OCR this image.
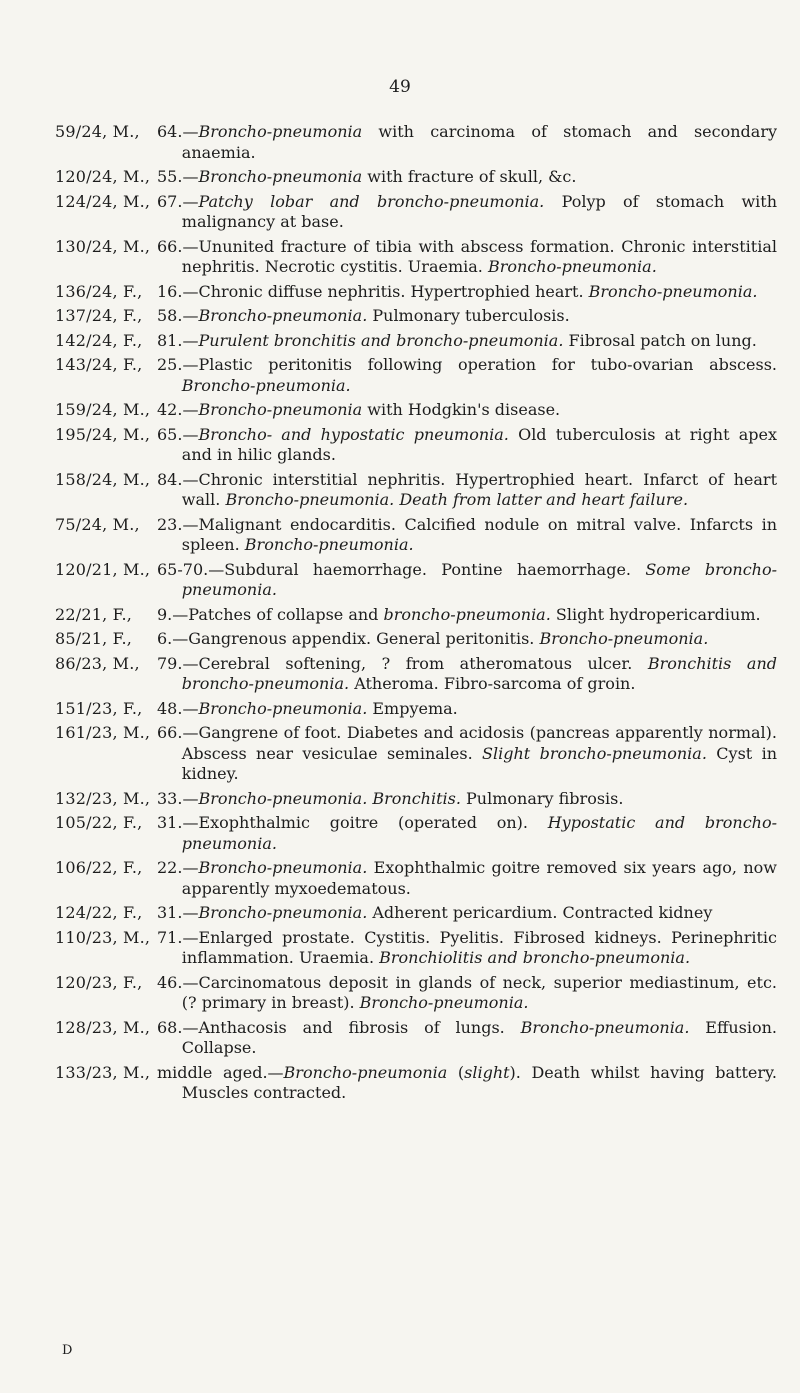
49
59/24, M.,	64.—Broncho-pneumonia with carcinoma of stomach and secondary anaemia.
120/24, M., 55.—Broncho-pneumonia with fracture of skull, &c.
124/24, M., 67.—Patchy lobar and broncho-pneumonia. Polyp of stomach with malignancy at base.
130/24, M., 66.—Ununited fracture of tibia with abscess formation. Chronic interstitial nephritis. Necrotic cystitis. Uraemia. Broncho-pneumonia.
136/24, F., 16.—Chronic diffuse nephritis. Hypertrophied heart. Broncho-pneumonia.
137/24, F., 58.—Broncho-pneumonia. Pulmonary tuberculosis.
142/24, F., 81.—Purulent bronchitis and broncho-pneumonia. Fibrosal patch on lung.
143/24, F., 25.—Plastic peritonitis following operation for tubo-ovarian abscess. Broncho-pneumonia.
159/24, M., 42.—Broncho-pneumonia with Hodgkin's disease.
195/24, M., 65.—Broncho- and hypostatic pneumonia. Old tuberculosis at right apex and in hilic glands.
158/24, M., 84.—Chronic interstitial nephritis. Hypertrophied heart. Infarct of heart wall. Broncho-pneumonia. Death from latter and heart failure.
75/24, M.,	23.—Malignant endocarditis. Calcified nodule on mitral valve. Infarcts in spleen. Broncho-pneumonia.
120/21, M., 65-70.—Subdural haemorrhage. Pontine haemorrhage. Some broncho-pneumonia.
22/21, F.,	9.—Patches of collapse and broncho-pneumonia. Slight hydropericardium.
85/21, F.,	6.—Gangrenous appendix. General peritonitis. Broncho-pneumonia.
86/23, M.,	79.—Cerebral softening, ? from atheromatous ulcer. Bronchitis and broncho-pneumonia. Atheroma. Fibro-sarcoma of groin.
151/23, F., 48.—Broncho-pneumonia. Empyema.
161/23, M., 66.—Gangrene of foot. Diabetes and acidosis (pancreas apparently normal). Abscess near vesiculae seminales. Slight broncho-pneumonia. Cyst in kidney.
132/23, M., 33.—Broncho-pneumonia. Bronchitis. Pulmonary fibrosis.
105/22, F., 31.—Exophthalmic goitre (operated on). Hypostatic and broncho-pneumonia.
106/22, F., 22.—Broncho-pneumonia. Exophthalmic goitre removed six years ago, now apparently myxoedematous.
124/22, F., 31.—Broncho-pneumonia. Adherent pericardium. Contracted kidney
110/23, M., 71.—Enlarged prostate. Cystitis. Pyelitis. Fibrosed kidneys. Perinephritic inflammation. Uraemia. Bronchiolitis and broncho-pneumonia.
120/23, F., 46.—Carcinomatous deposit in glands of neck, superior mediastinum, etc. (? primary in breast). Broncho-pneumonia.
128/23, M., 68.—Anthacosis and fibrosis of lungs. Broncho-pneumonia. Effusion. Collapse.
133/23, M., middle aged.—Broncho-pneumonia (slight). Death whilst having battery. Muscles contracted.
D
